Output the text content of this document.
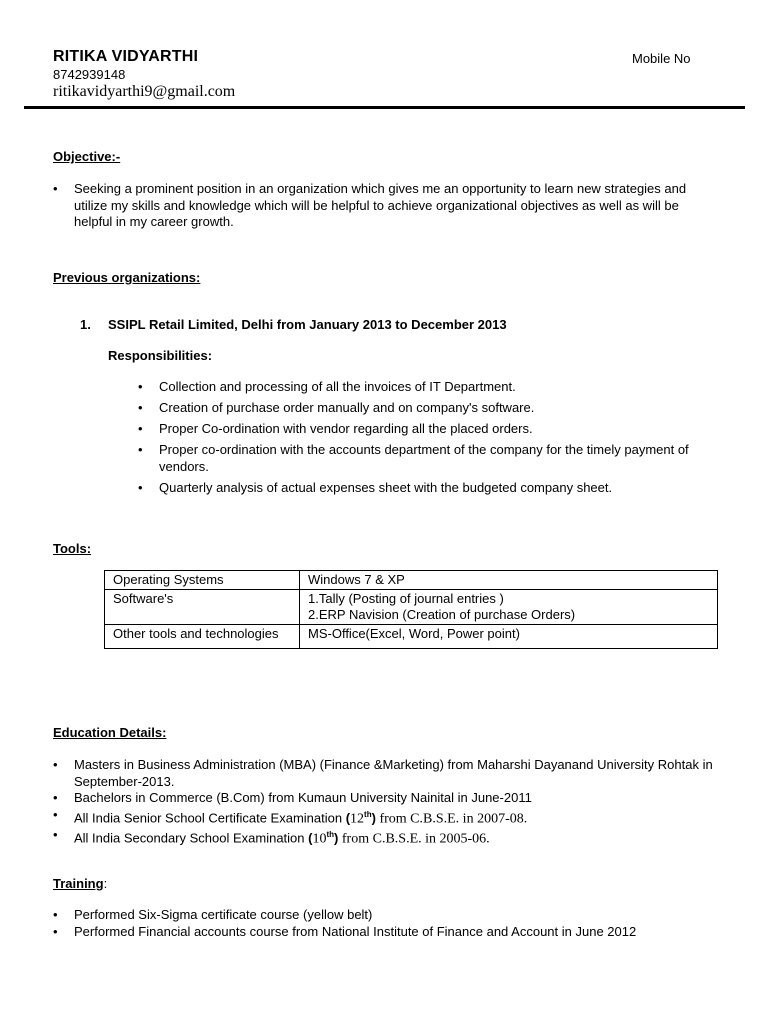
RITIKA VIDYARTHI	Mobile No
8742939148
ritikavidyarthi9@gmail.com
Objective:-
• Seeking a prominent position in an organization which gives me an opportunity to learn new strategies and utilize my skills and knowledge which will be helpful to achieve organizational objectives as well as will be helpful in my career growth.
Previous organizations:
1. SSIPL Retail Limited, Delhi from January 2013 to December 2013
Responsibilities:
• Collection and processing of all the invoices of IT Department.
• Creation of purchase order manually and on company's software.
• Proper Co-ordination with vendor regarding all the placed orders.
• Proper co-ordination with the accounts department of the company for the timely payment of vendors.
• Quarterly analysis of actual expenses sheet with the budgeted company sheet.
Tools:
Operating Systems	Windows 7 & XP

Software's	1.Tally (Posting of journal entries )
2.ERP Navision (Creation of purchase Orders)

Other tools and technologies	MS-Office(Excel, Word, Power point)
Education Details:
• Masters in Business Administration (MBA) (Finance &Marketing) from Maharshi Dayanand University Rohtak in September-2013.
• Bachelors in Commerce (B.Com) from Kumaun University Nainital in June-2011
• All India Senior School Certificate Examination (12th) from C.B.S.E. in 2007-08.
• All India Secondary School Examination (10th) from C.B.S.E. in 2005-06.
Training:
• Performed Six-Sigma certificate course (yellow belt)
• Performed Financial accounts course from National Institute of Finance and Account in June 2012
